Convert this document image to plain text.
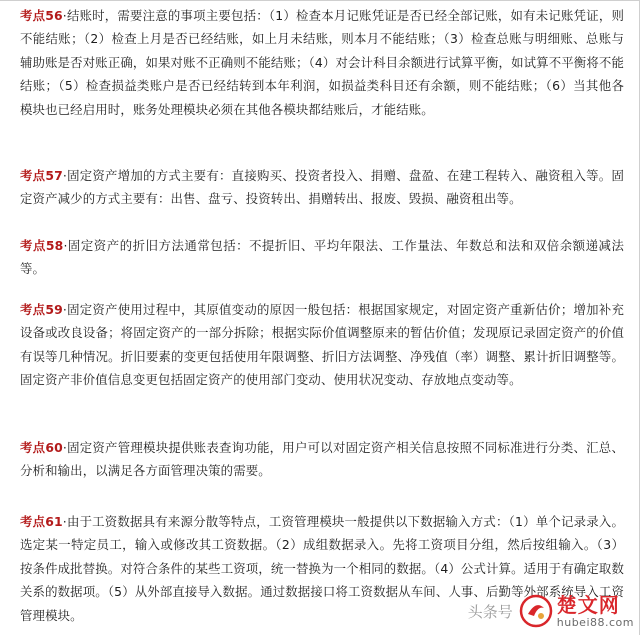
考点56·结账时，需要注意的事项主要包括：（1）检查本月记账凭证是否已经全部记账，如有未记账凭证，则不能结账；（2）检查上月是否已经结账，如上月未结账，则本月不能结账；（3）检查总账与明细账、总账与辅助账是否对账正确，如果对账不正确则不能结账；（4）对会计科目余额进行试算平衡，如试算不平衡将不能结账；（5）检查损益类账户是否已经结转到本年利润，如损益类科目还有余额，则不能结账；（6）当其他各模块也已经启用时，账务处理模块必须在其他各模块都结账后，才能结账。
考点57·固定资产增加的方式主要有：直接购买、投资者投入、捐赠、盘盈、在建工程转入、融资租入等。固定资产减少的方式主要有：出售、盘亏、投资转出、捐赠转出、报废、毁损、融资租出等。
考点58·固定资产的折旧方法通常包括：不提折旧、平均年限法、工作量法、年数总和法和双倍余额递减法等。
考点59·固定资产使用过程中，其原值变动的原因一般包括：根据国家规定，对固定资产重新估价；增加补充设备或改良设备；将固定资产的一部分拆除；根据实际价值调整原来的暂估价值；发现原记录固定资产的价值有误等几种情况。折旧要素的变更包括使用年限调整、折旧方法调整、净残值（率）调整、累计折旧调整等。固定资产非价值信息变更包括固定资产的使用部门变动、使用状况变动、存放地点变动等。
考点60·固定资产管理模块提供账表查询功能，用户可以对固定资产相关信息按照不同标准进行分类、汇总、分析和输出，以满足各方面管理决策的需要。
考点61·由于工资数据具有来源分散等特点，工资管理模块一般提供以下数据输入方式：（1）单个记录录入。选定某一特定员工，输入或修改其工资数据。（2）成组数据录入。先将工资项目分组，然后按组输入。（3）按条件成批替换。对符合条件的某些工资项，统一替换为一个相同的数据。（4）公式计算。适用于有确定取数关系的数据项。（5）从外部直接导入数据。通过数据接口将工资数据从车间、人事、后勤等外部系统导入工资管理模块。	头条号 楚文网
hubei88.com
